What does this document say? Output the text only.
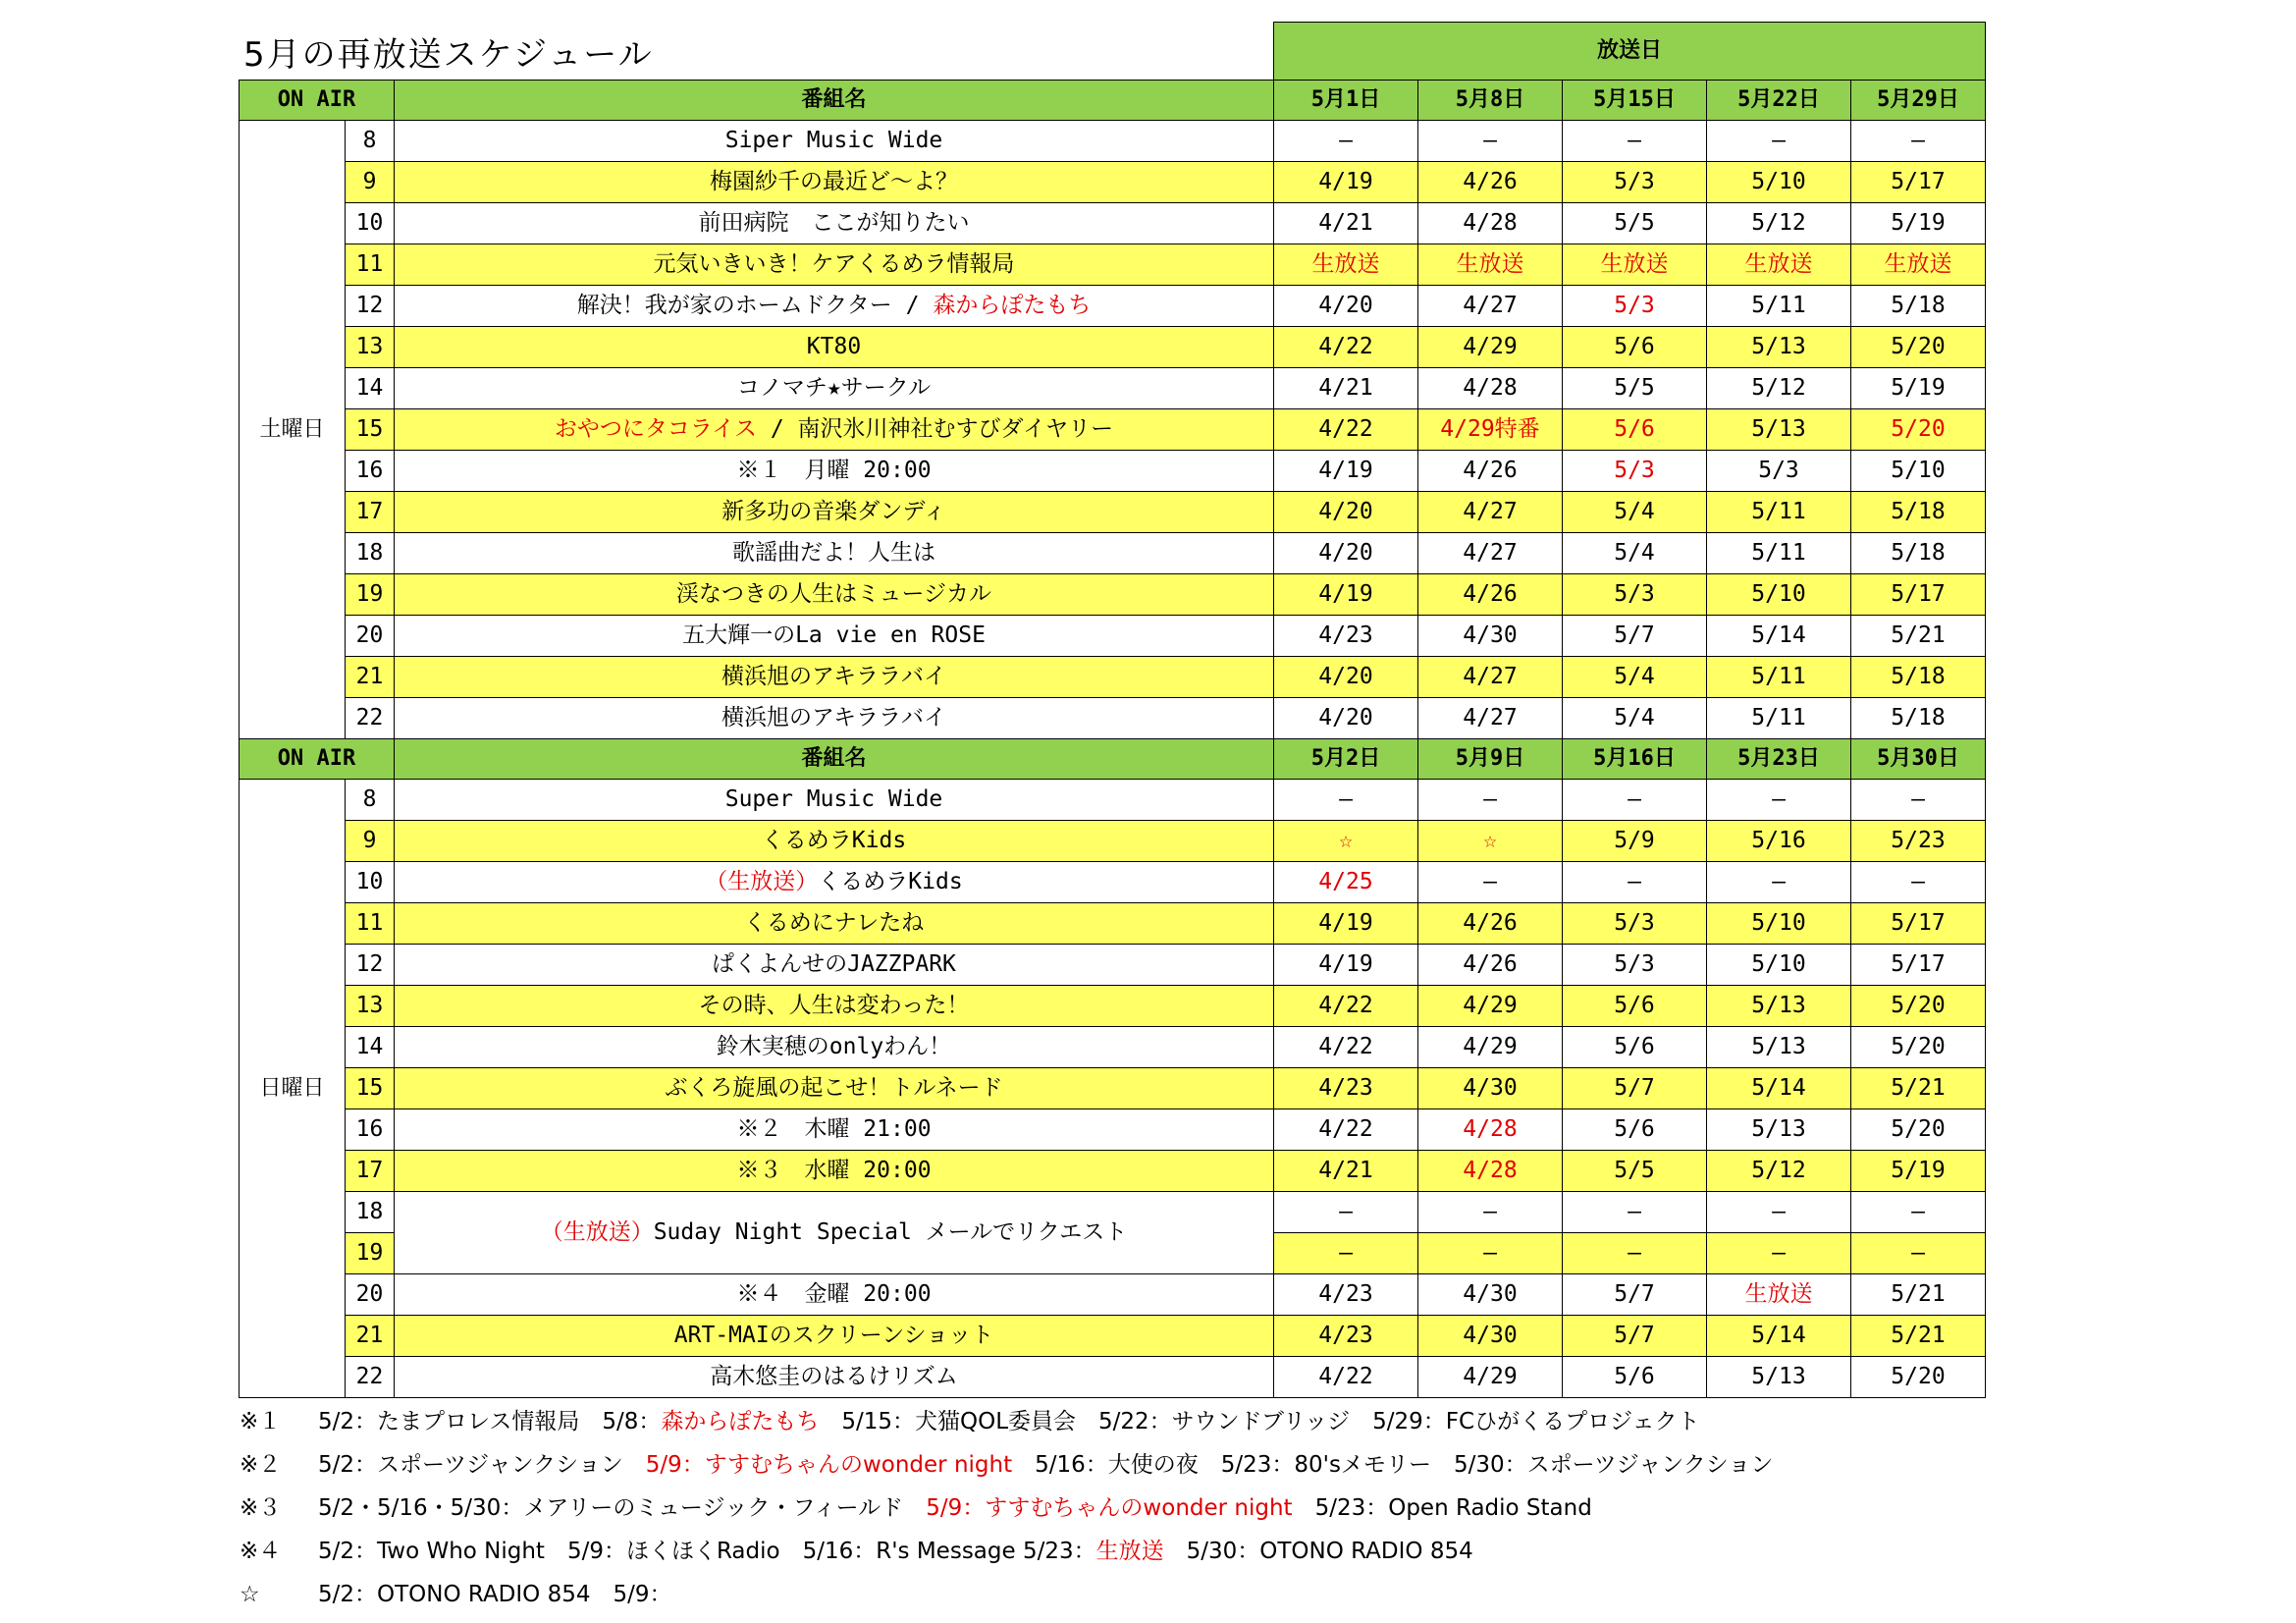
5月の再放送スケジュール
			放送日				
ON AIR		番組名	5月1日	5月8日	5月15日	5月22日	5月29日
土曜日	8	Siper Music Wide	—	—	—	—	—
	9	梅園紗千の最近ど～よ？	4/19	4/26	5/3	5/10	5/17
	10	前田病院　ここが知りたい	4/21	4/28	5/5	5/12	5/19
	11	元気いきいき！ケアくるめラ情報局	生放送	生放送	生放送	生放送	生放送
	12	解決！我が家のホームドクター / 森からぽたもち	4/20	4/27	5/3	5/11	5/18
	13	KT80	4/22	4/29	5/6	5/13	5/20
	14	コノマチ★サークル	4/21	4/28	5/5	5/12	5/19
	15	おやつにタコライス / 南沢氷川神社むすびダイヤリー	4/22	4/29特番	5/6	5/13	5/20
	16	※１　月曜 20:00	4/19	4/26	5/3	5/3	5/10
	17	新多功の音楽ダンディ	4/20	4/27	5/4	5/11	5/18
	18	歌謡曲だよ！人生は	4/20	4/27	5/4	5/11	5/18
	19	渓なつきの人生はミュージカル	4/19	4/26	5/3	5/10	5/17
	20	五大輝一のLa vie en ROSE	4/23	4/30	5/7	5/14	5/21
	21	横浜旭のアキララバイ	4/20	4/27	5/4	5/11	5/18
	22	横浜旭のアキララバイ	4/20	4/27	5/4	5/11	5/18
ON AIR		番組名	5月2日	5月9日	5月16日	5月23日	5月30日
日曜日	8	Super Music Wide	—	—	—	—	—
	9	くるめラKids	☆	☆	5/9	5/16	5/23
	10	（生放送）くるめラKids	4/25	—	—	—	—
	11	くるめにナレたね	4/19	4/26	5/3	5/10	5/17
	12	ぱくよんせのJAZZPARK	4/19	4/26	5/3	5/10	5/17
	13	その時、人生は変わった！	4/22	4/29	5/6	5/13	5/20
	14	鈴木実穂のonlyわん！	4/22	4/29	5/6	5/13	5/20
	15	ぶくろ旋風の起こせ！トルネード	4/23	4/30	5/7	5/14	5/21
	16	※２　木曜 21:00	4/22	4/28	5/6	5/13	5/20
	17	※３　水曜 20:00	4/21	4/28	5/5	5/12	5/19
	18	（生放送）Suday Night Special メールでリクエスト	—	—	—	—	—
	19		—	—	—	—	—
	20	※４　金曜 20:00	4/23	4/30	5/7	生放送	5/21
	21	ART-MAIのスクリーンショット	4/23	4/30	5/7	5/14	5/21
	22	高木悠圭のはるけリズム	4/22	4/29	5/6	5/13	5/20
※１ 5/2：たまプロレス情報局　5/8：森からぽたもち　5/15：犬猫QOL委員会　5/22：サウンドブリッジ　5/29：FCひがくるプロジェクト
※２ 5/2：スポーツジャンクション　5/9：すすむちゃんのwonder night　5/16：大使の夜　5/23：80'sメモリー　5/30：スポーツジャンクション
※３ 5/2・5/16・5/30：メアリーのミュージック・フィールド　5/9：すすむちゃんのwonder night　5/23：Open Radio Stand
※４ 5/2：Two Who Night　5/9：ほくほくRadio　5/16：R's Message 5/23：生放送　5/30：OTONO RADIO 854
☆	5/2：OTONO RADIO 854　5/9：
